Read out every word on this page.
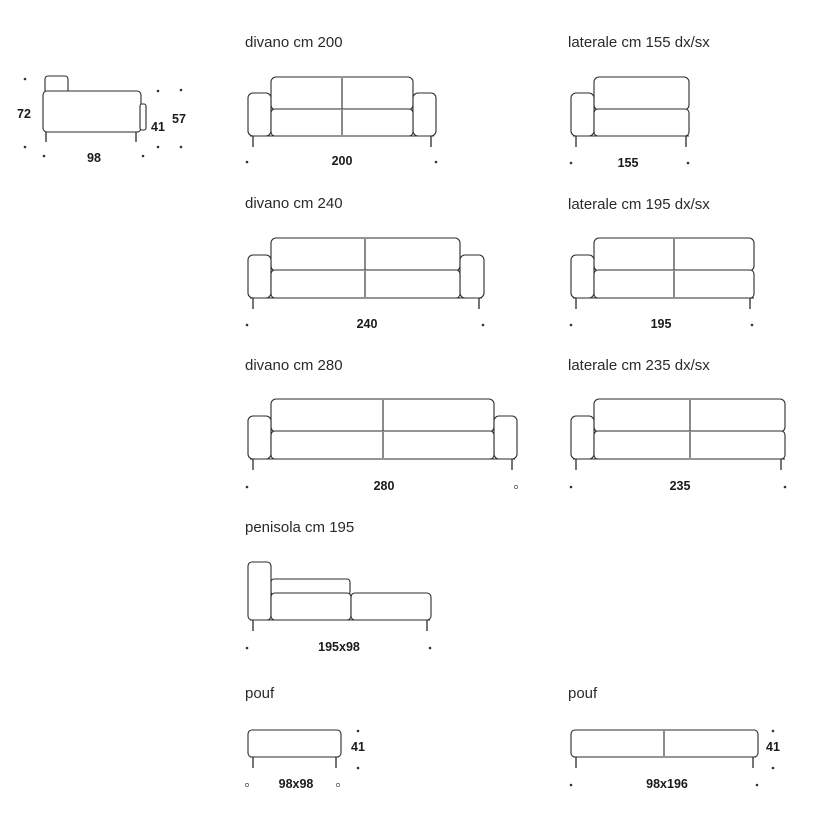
72
41
57
98
divano cm 200	laterale cm 155 dx/sx
divano cm 240	laterale cm 195 dx/sx
divano cm 280	laterale cm 235 dx/sx
penisola cm 195
pouf	pouf
200	155
240	195
280	235
195x98
98x98	98x196
41	41
